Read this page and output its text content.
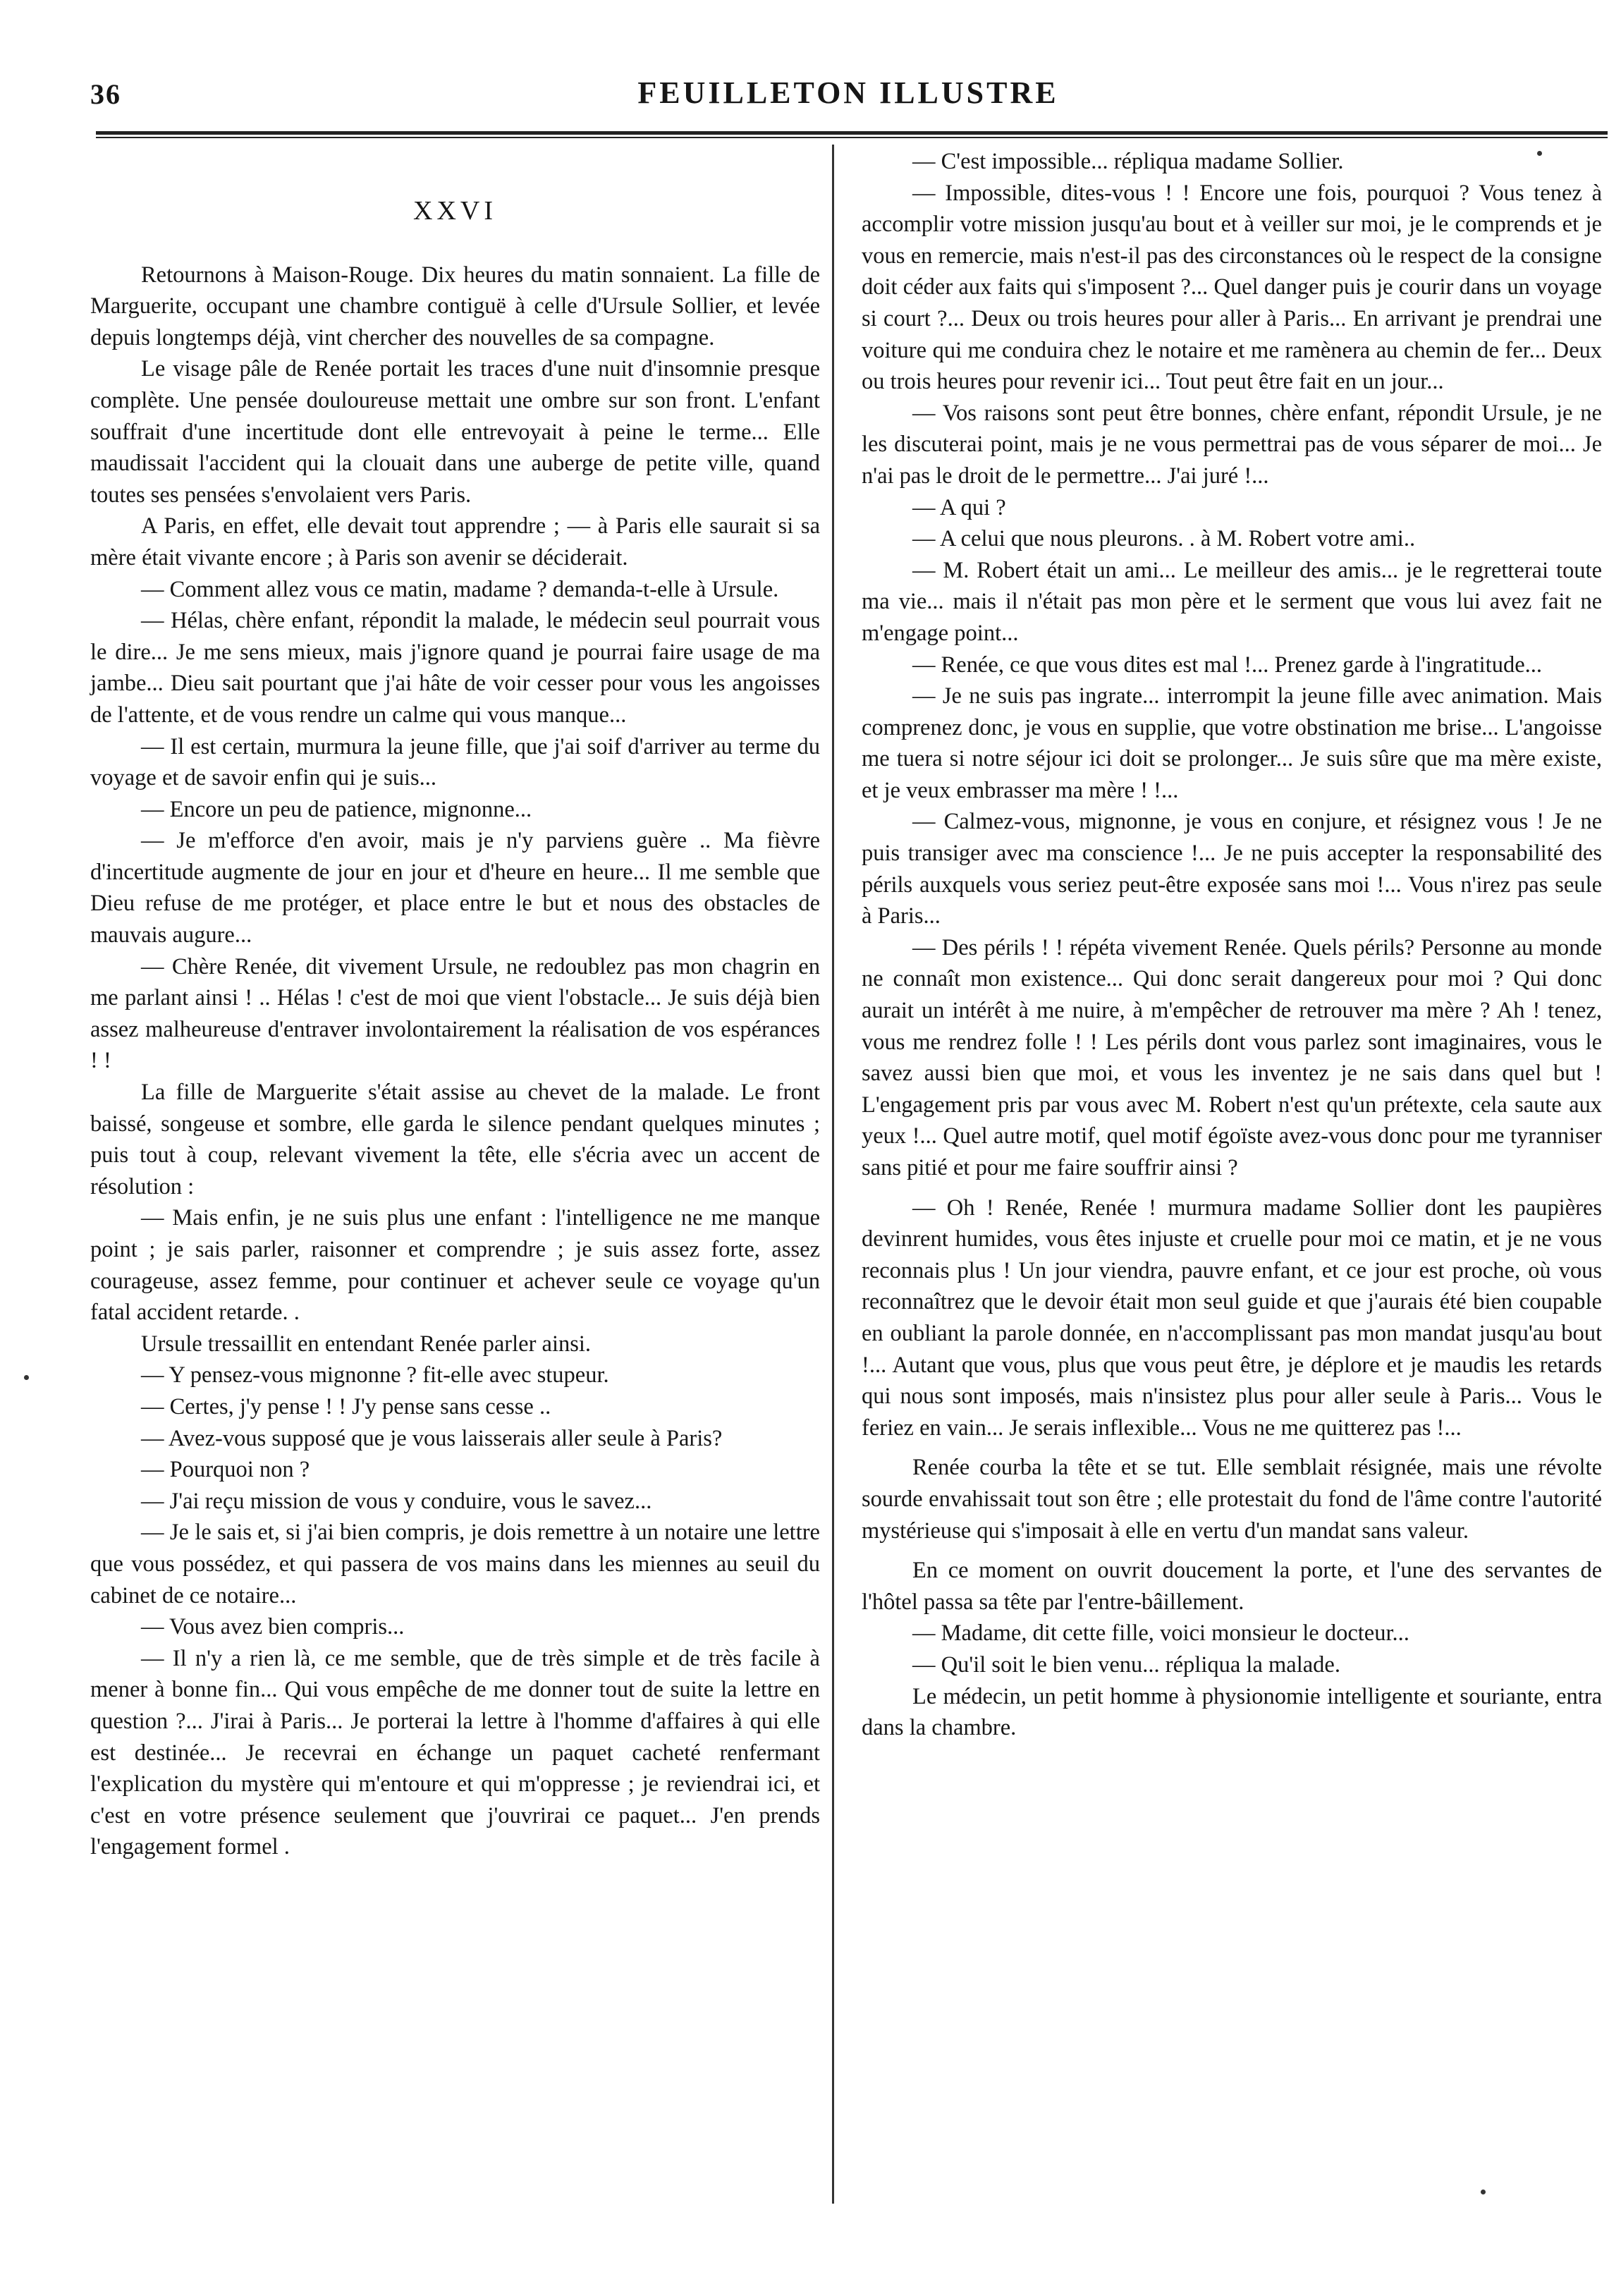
36	FEUILLETON ILLUSTRE
XXVI

Retournons à Maison-Rouge. Dix heures du matin sonnaient. La fille de Marguerite, occupant une chambre contiguë à celle d'Ursule Sollier, et levée depuis longtemps déjà, vint chercher des nouvelles de sa compagne.

Le visage pâle de Renée portait les traces d'une nuit d'insomnie presque complète. Une pensée douloureuse mettait une ombre sur son front. L'enfant souffrait d'une incertitude dont elle entrevoyait à peine le terme... Elle maudissait l'accident qui la clouait dans une auberge de petite ville, quand toutes ses pensées s'envolaient vers Paris.

A Paris, en effet, elle devait tout apprendre ; — à Paris elle saurait si sa mère était vivante encore ; à Paris son avenir se déciderait.

— Comment allez vous ce matin, madame ? demanda-t-elle à Ursule.

— Hélas, chère enfant, répondit la malade, le médecin seul pourrait vous le dire... Je me sens mieux, mais j'ignore quand je pourrai faire usage de ma jambe... Dieu sait pourtant que j'ai hâte de voir cesser pour vous les angoisses de l'attente, et de vous rendre un calme qui vous manque...

— Il est certain, murmura la jeune fille, que j'ai soif d'arriver au terme du voyage et de savoir enfin qui je suis...

— Encore un peu de patience, mignonne...

— Je m'efforce d'en avoir, mais je n'y parviens guère .. Ma fièvre d'incertitude augmente de jour en jour et d'heure en heure... Il me semble que Dieu refuse de me protéger, et place entre le but et nous des obstacles de mauvais augure...

— Chère Renée, dit vivement Ursule, ne redoublez pas mon chagrin en me parlant ainsi ! .. Hélas ! c'est de moi que vient l'obstacle... Je suis déjà bien assez malheureuse d'entraver involontairement la réalisation de vos espérances ! !

La fille de Marguerite s'était assise au chevet de la malade. Le front baissé, songeuse et sombre, elle garda le silence pendant quelques minutes ; puis tout à coup, relevant vivement la tête, elle s'écria avec un accent de résolution :

— Mais enfin, je ne suis plus une enfant : l'intelligence ne me manque point ; je sais parler, raisonner et comprendre ; je suis assez forte, assez courageuse, assez femme, pour continuer et achever seule ce voyage qu'un fatal accident retarde. .

Ursule tressaillit en entendant Renée parler ainsi.

— Y pensez-vous mignonne ? fit-elle avec stupeur.

— Certes, j'y pense ! ! J'y pense sans cesse ..

— Avez-vous supposé que je vous laisserais aller seule à Paris?

— Pourquoi non ?

— J'ai reçu mission de vous y conduire, vous le savez...

— Je le sais et, si j'ai bien compris, je dois remettre à un notaire une lettre que vous possédez, et qui passera de vos mains dans les miennes au seuil du cabinet de ce notaire...

— Vous avez bien compris...

— Il n'y a rien là, ce me semble, que de très simple et de très facile à mener à bonne fin... Qui vous empêche de me donner tout de suite la lettre en question ?... J'irai à Paris... Je porterai la lettre à l'homme d'affaires à qui elle est destinée... Je recevrai en échange un paquet cacheté renfermant l'explication du mystère qui m'entoure et qui m'oppresse ; je reviendrai ici, et c'est en votre présence seulement que j'ouvrirai ce paquet... J'en prends l'engagement formel .

— C'est impossible... répliqua madame Sollier.

— Impossible, dites-vous ! ! Encore une fois, pourquoi ? Vous tenez à accomplir votre mission jusqu'au bout et à veiller sur moi, je le comprends et je vous en remercie, mais n'est-il pas des circonstances où le respect de la consigne doit céder aux faits qui s'imposent ?... Quel danger puis je courir dans un voyage si court ?... Deux ou trois heures pour aller à Paris... En arrivant je prendrai une voiture qui me conduira chez le notaire et me ramènera au chemin de fer... Deux ou trois heures pour revenir ici... Tout peut être fait en un jour...

— Vos raisons sont peut être bonnes, chère enfant, répondit Ursule, je ne les discuterai point, mais je ne vous permettrai pas de vous séparer de moi... Je n'ai pas le droit de le permettre... J'ai juré !...

— A qui ?

— A celui que nous pleurons. . à M. Robert votre ami..

— M. Robert était un ami... Le meilleur des amis... je le regretterai toute ma vie... mais il n'était pas mon père et le serment que vous lui avez fait ne m'engage point...

— Renée, ce que vous dites est mal !... Prenez garde à l'ingratitude...

— Je ne suis pas ingrate... interrompit la jeune fille avec animation. Mais comprenez donc, je vous en supplie, que votre obstination me brise... L'angoisse me tuera si notre séjour ici doit se prolonger... Je suis sûre que ma mère existe, et je veux embrasser ma mère ! !...

— Calmez-vous, mignonne, je vous en conjure, et résignez vous ! Je ne puis transiger avec ma conscience !... Je ne puis accepter la responsabilité des périls auxquels vous seriez peut-être exposée sans moi !... Vous n'irez pas seule à Paris...

— Des périls ! ! répéta vivement Renée. Quels périls? Personne au monde ne connaît mon existence... Qui donc serait dangereux pour moi ? Qui donc aurait un intérêt à me nuire, à m'empêcher de retrouver ma mère ? Ah ! tenez, vous me rendrez folle ! ! Les périls dont vous parlez sont imaginaires, vous le savez aussi bien que moi, et vous les inventez je ne sais dans quel but ! L'engagement pris par vous avec M. Robert n'est qu'un prétexte, cela saute aux yeux !... Quel autre motif, quel motif égoïste avez-vous donc pour me tyranniser sans pitié et pour me faire souffrir ainsi ?

— Oh ! Renée, Renée ! murmura madame Sollier dont les paupières devinrent humides, vous êtes injuste et cruelle pour moi ce matin, et je ne vous reconnais plus ! Un jour viendra, pauvre enfant, et ce jour est proche, où vous reconnaîtrez que le devoir était mon seul guide et que j'aurais été bien coupable en oubliant la parole donnée, en n'accomplissant pas mon mandat jusqu'au bout !... Autant que vous, plus que vous peut être, je déplore et je maudis les retards qui nous sont imposés, mais n'insistez plus pour aller seule à Paris... Vous le feriez en vain... Je serais inflexible... Vous ne me quitterez pas !...

Renée courba la tête et se tut. Elle semblait résignée, mais une révolte sourde envahissait tout son être ; elle protestait du fond de l'âme contre l'autorité mystérieuse qui s'imposait à elle en vertu d'un mandat sans valeur.

En ce moment on ouvrit doucement la porte, et l'une des servantes de l'hôtel passa sa tête par l'entre-bâillement.

— Madame, dit cette fille, voici monsieur le docteur...

— Qu'il soit le bien venu... répliqua la malade.

Le médecin, un petit homme à physionomie intelligente et souriante, entra dans la chambre.
